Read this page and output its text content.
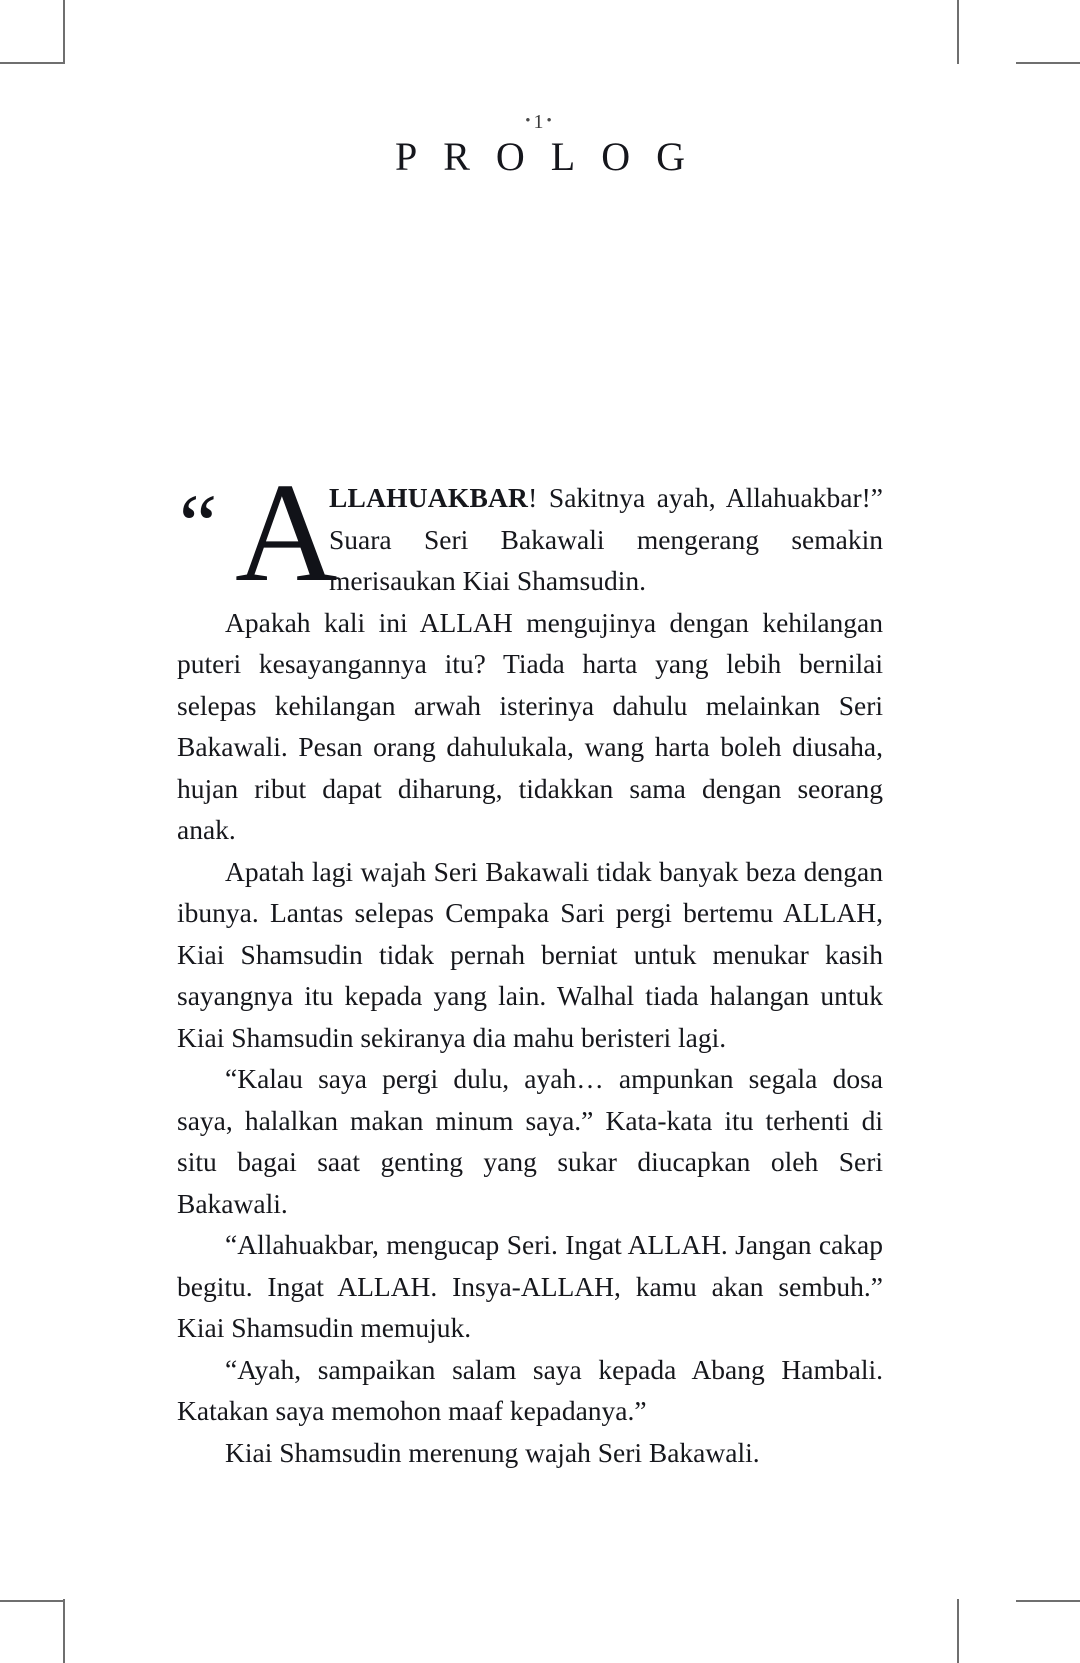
•1•
PROLOG

“ A
LLAHUAKBAR! Sakitnya ayah, Allahuakbar!” Suara Seri Bakawali mengerang semakin merisaukan Kiai Shamsudin.

Apakah kali ini ALLAH mengujinya dengan kehilangan puteri kesayangannya itu? Tiada harta yang lebih bernilai selepas kehilangan arwah isterinya dahulu melainkan Seri Bakawali. Pesan orang dahulukala, wang harta boleh diusaha, hujan ribut dapat diharung, tidakkan sama dengan seorang anak.

Apatah lagi wajah Seri Bakawali tidak banyak beza dengan ibunya. Lantas selepas Cempaka Sari pergi bertemu ALLAH, Kiai Shamsudin tidak pernah berniat untuk menukar kasih sayangnya itu kepada yang lain. Walhal tiada halangan untuk Kiai Shamsudin sekiranya dia mahu beristeri lagi.

“Kalau saya pergi dulu, ayah… ampunkan segala dosa saya, halalkan makan minum saya.” Kata-kata itu terhenti di situ bagai saat genting yang sukar diucapkan oleh Seri Bakawali.

“Allahuakbar, mengucap Seri. Ingat ALLAH. Jangan cakap begitu. Ingat ALLAH. Insya-ALLAH, kamu akan sembuh.” Kiai Shamsudin memujuk.

“Ayah, sampaikan salam saya kepada Abang Hambali. Katakan saya memohon maaf kepadanya.”

Kiai Shamsudin merenung wajah Seri Bakawali.
